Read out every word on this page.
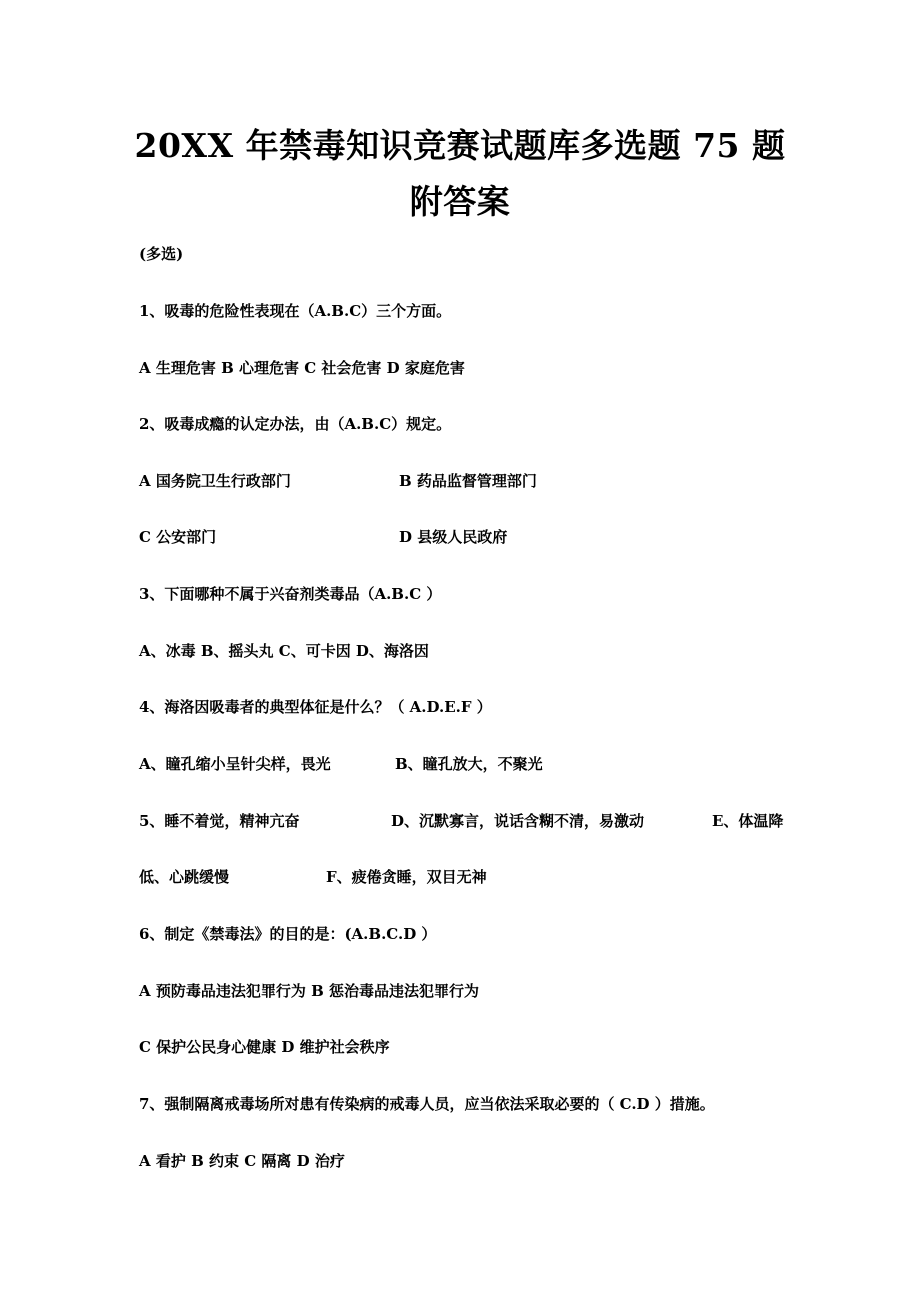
20XX 年禁毒知识竞赛试题库多选题 75 题
附答案
(多选)
1、吸毒的危险性表现在（A.B.C）三个方面。
A 生理危害 B 心理危害 C 社会危害 D 家庭危害
2、吸毒成瘾的认定办法，由（A.B.C）规定。
A 国务院卫生行政部门	B 药品监督管理部门
C 公安部门	D 县级人民政府
3、下面哪种不属于兴奋剂类毒品（A.B.C ）
A、冰毒 B、摇头丸 C、可卡因 D、海洛因
4、海洛因吸毒者的典型体征是什么？（ A.D.E.F ）
A、瞳孔缩小呈针尖样，畏光	B、瞳孔放大，不聚光
5、睡不着觉，精神亢奋	D、沉默寡言，说话含糊不清，易激动	E、体温降
低、心跳缓慢	F、疲倦贪睡，双目无神
6、制定《禁毒法》的目的是：(A.B.C.D ）
A 预防毒品违法犯罪行为 B 惩治毒品违法犯罪行为
C 保护公民身心健康 D 维护社会秩序
7、强制隔离戒毒场所对患有传染病的戒毒人员，应当依法采取必要的（ C.D ）措施。
A 看护 B 约束 C 隔离 D 治疗
